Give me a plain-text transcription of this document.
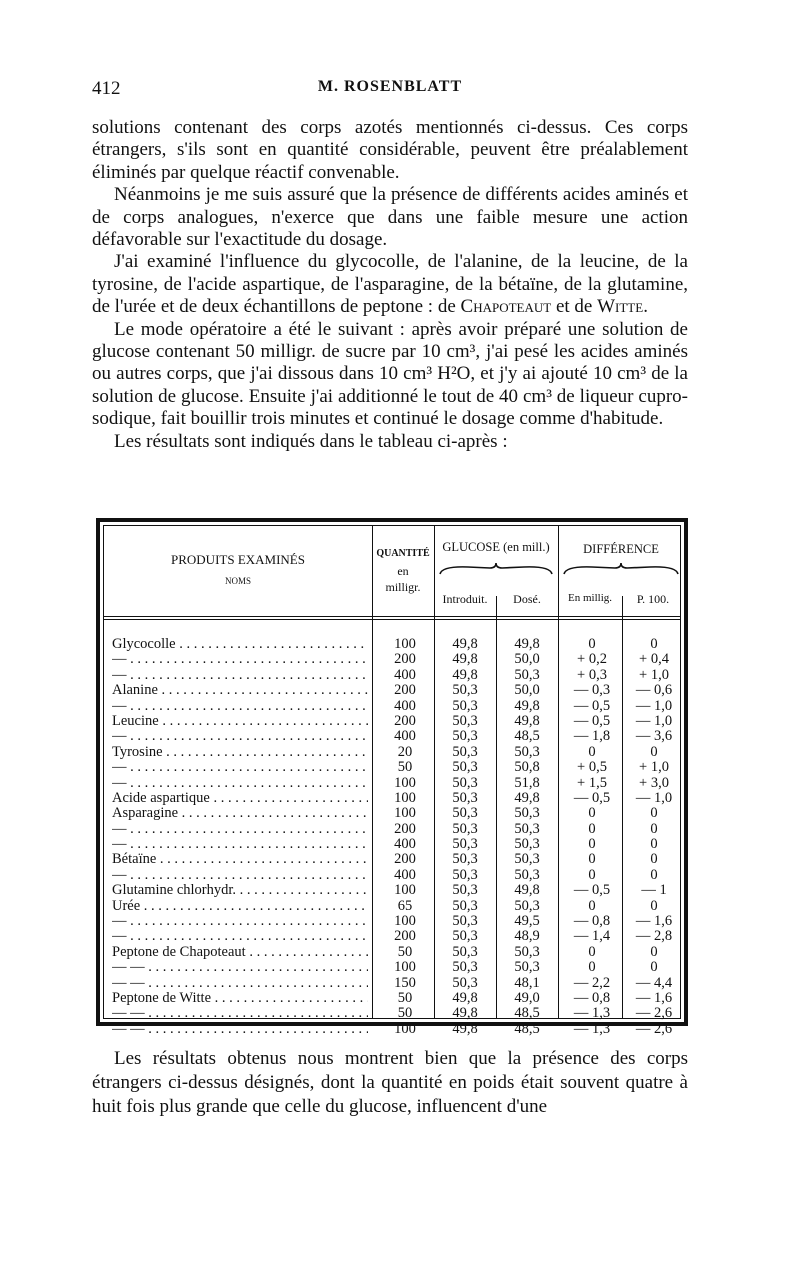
412	M. ROSENBLATT

solutions contenant des corps azotés mentionnés ci-dessus. Ces corps étrangers, s'ils sont en quantité considérable, peuvent être préalablement éliminés par quelque réactif convenable.

Néanmoins je me suis assuré que la présence de différents acides aminés et de corps analogues, n'exerce que dans une faible mesure une action défavorable sur l'exactitude du dosage.

J'ai examiné l'influence du glycocolle, de l'alanine, de la leucine, de la tyrosine, de l'acide aspartique, de l'asparagine, de la bétaïne, de la glutamine, de l'urée et de deux échantillons de peptone : de Chapoteaut et de Witte.

Le mode opératoire a été le suivant : après avoir préparé une solution de glucose contenant 50 milligr. de sucre par 10 cm³, j'ai pesé les acides aminés ou autres corps, que j'ai dissous dans 10 cm³ H²O, et j'y ai ajouté 10 cm³ de la solution de glucose. Ensuite j'ai additionné le tout de 40 cm³ de liqueur cupro-sodique, fait bouillir trois minutes et continué le dosage comme d'habitude.

Les résultats sont indiqués dans le tableau ci-après :

PRODUITS EXAMINÉS
NOMS
QUANTITÉ
en
milligr.
GLUCOSE (en mill.)
Introduit.	Dosé.
DIFFÉRENCE
En millig.	P. 100.
Glycocolle . . .	100	49,8	49,8	0	0
— . . .	200	49,8	50,0	+ 0,2	+ 0,4
— . . .	400	49,8	50,3	+ 0,3	+ 1,0
Alanine . . .	200	50,3	50,0	— 0,3	— 0,6
— . . .	400	50,3	49,8	— 0,5	— 1,0
Leucine . . .	200	50,3	49,8	— 0,5	— 1,0
— . . .	400	50,3	48,5	— 1,8	— 3,6
Tyrosine . . .	20	50,3	50,3	0	0
— . . .	50	50,3	50,8	+ 0,5	+ 1,0
— . . .	100	50,3	51,8	+ 1,5	+ 3,0
Acide aspartique . . .	100	50,3	49,8	— 0,5	— 1,0
Asparagine . . .	100	50,3	50,3	0	0
— . . .	200	50,3	50,3	0	0
— . . .	400	50,3	50,3	0	0
Bétaïne . . .	200	50,3	50,3	0	0
— . . .	400	50,3	50,3	0	0
Glutamine chlorhydr. . . .	100	50,3	49,8	— 0,5	— 1
Urée . . .	65	50,3	50,3	0	0
— . . .	100	50,3	49,5	— 0,8	— 1,6
— . . .	200	50,3	48,9	— 1,4	— 2,8
Peptone de Chapoteaut . . .	50	50,3	50,3	0	0
— — . . .	100	50,3	50,3	0	0
— — . . .	150	50,3	48,1	— 2,2	— 4,4
Peptone de Witte . . .	50	49,8	49,0	— 0,8	— 1,6
— — . . .	50	49,8	48,5	— 1,3	— 2,6
— — . . .	100	49,8	48,5	— 1,3	— 2,6

Les résultats obtenus nous montrent bien que la présence des corps étrangers ci-dessus désignés, dont la quantité en poids était souvent quatre à huit fois plus grande que celle du glucose, influencent d'une
